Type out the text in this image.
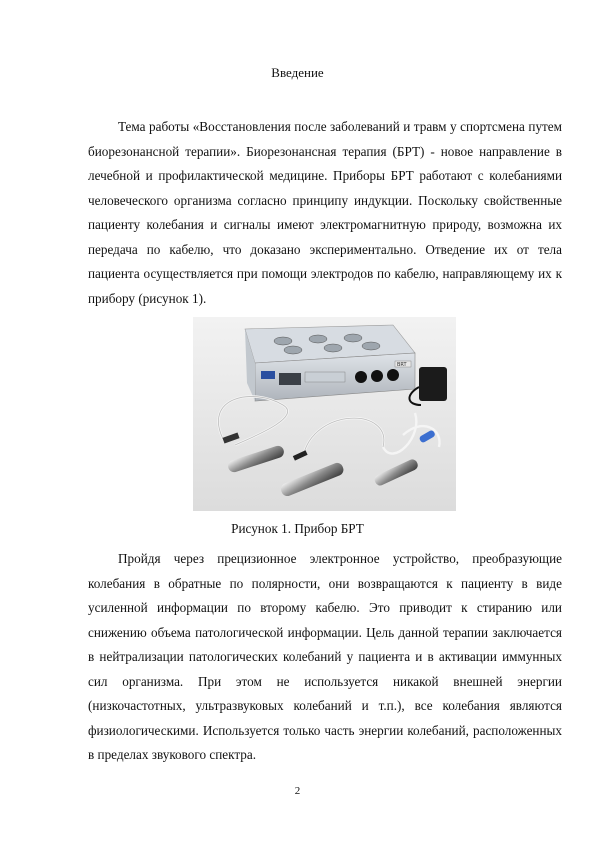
Введение

Тема работы «Восстановления после заболеваний и травм у спортсмена путем биорезонансной терапии». Биорезонансная терапия (БРТ) - новое направление в лечебной и профилактической медицине. Приборы БРТ работают с колебаниями человеческого организма согласно принципу индукции. Поскольку свойственные пациенту колебания и сигналы имеют электромагнитную природу, возможна их передача по кабелю, что доказано экспериментально. Отведение их от тела пациента осуществляется при помощи электродов по кабелю, направляющему их к прибору (рисунок 1).

BRT
Рисунок 1. Прибор БРТ

Пройдя через прецизионное электронное устройство, преобразующие колебания в обратные по полярности, они возвращаются к пациенту в виде усиленной информации по второму кабелю. Это приводит к стиранию или снижению объема патологической информации. Цель данной терапии заключается в нейтрализации патологических колебаний у пациента и в активации иммунных сил организма. При этом не используется никакой внешней энергии (низкочастотных, ультразвуковых колебаний и т.п.), все колебания являются физиологическими. Используется только часть энергии колебаний, расположенных в пределах звукового спектра.

2
